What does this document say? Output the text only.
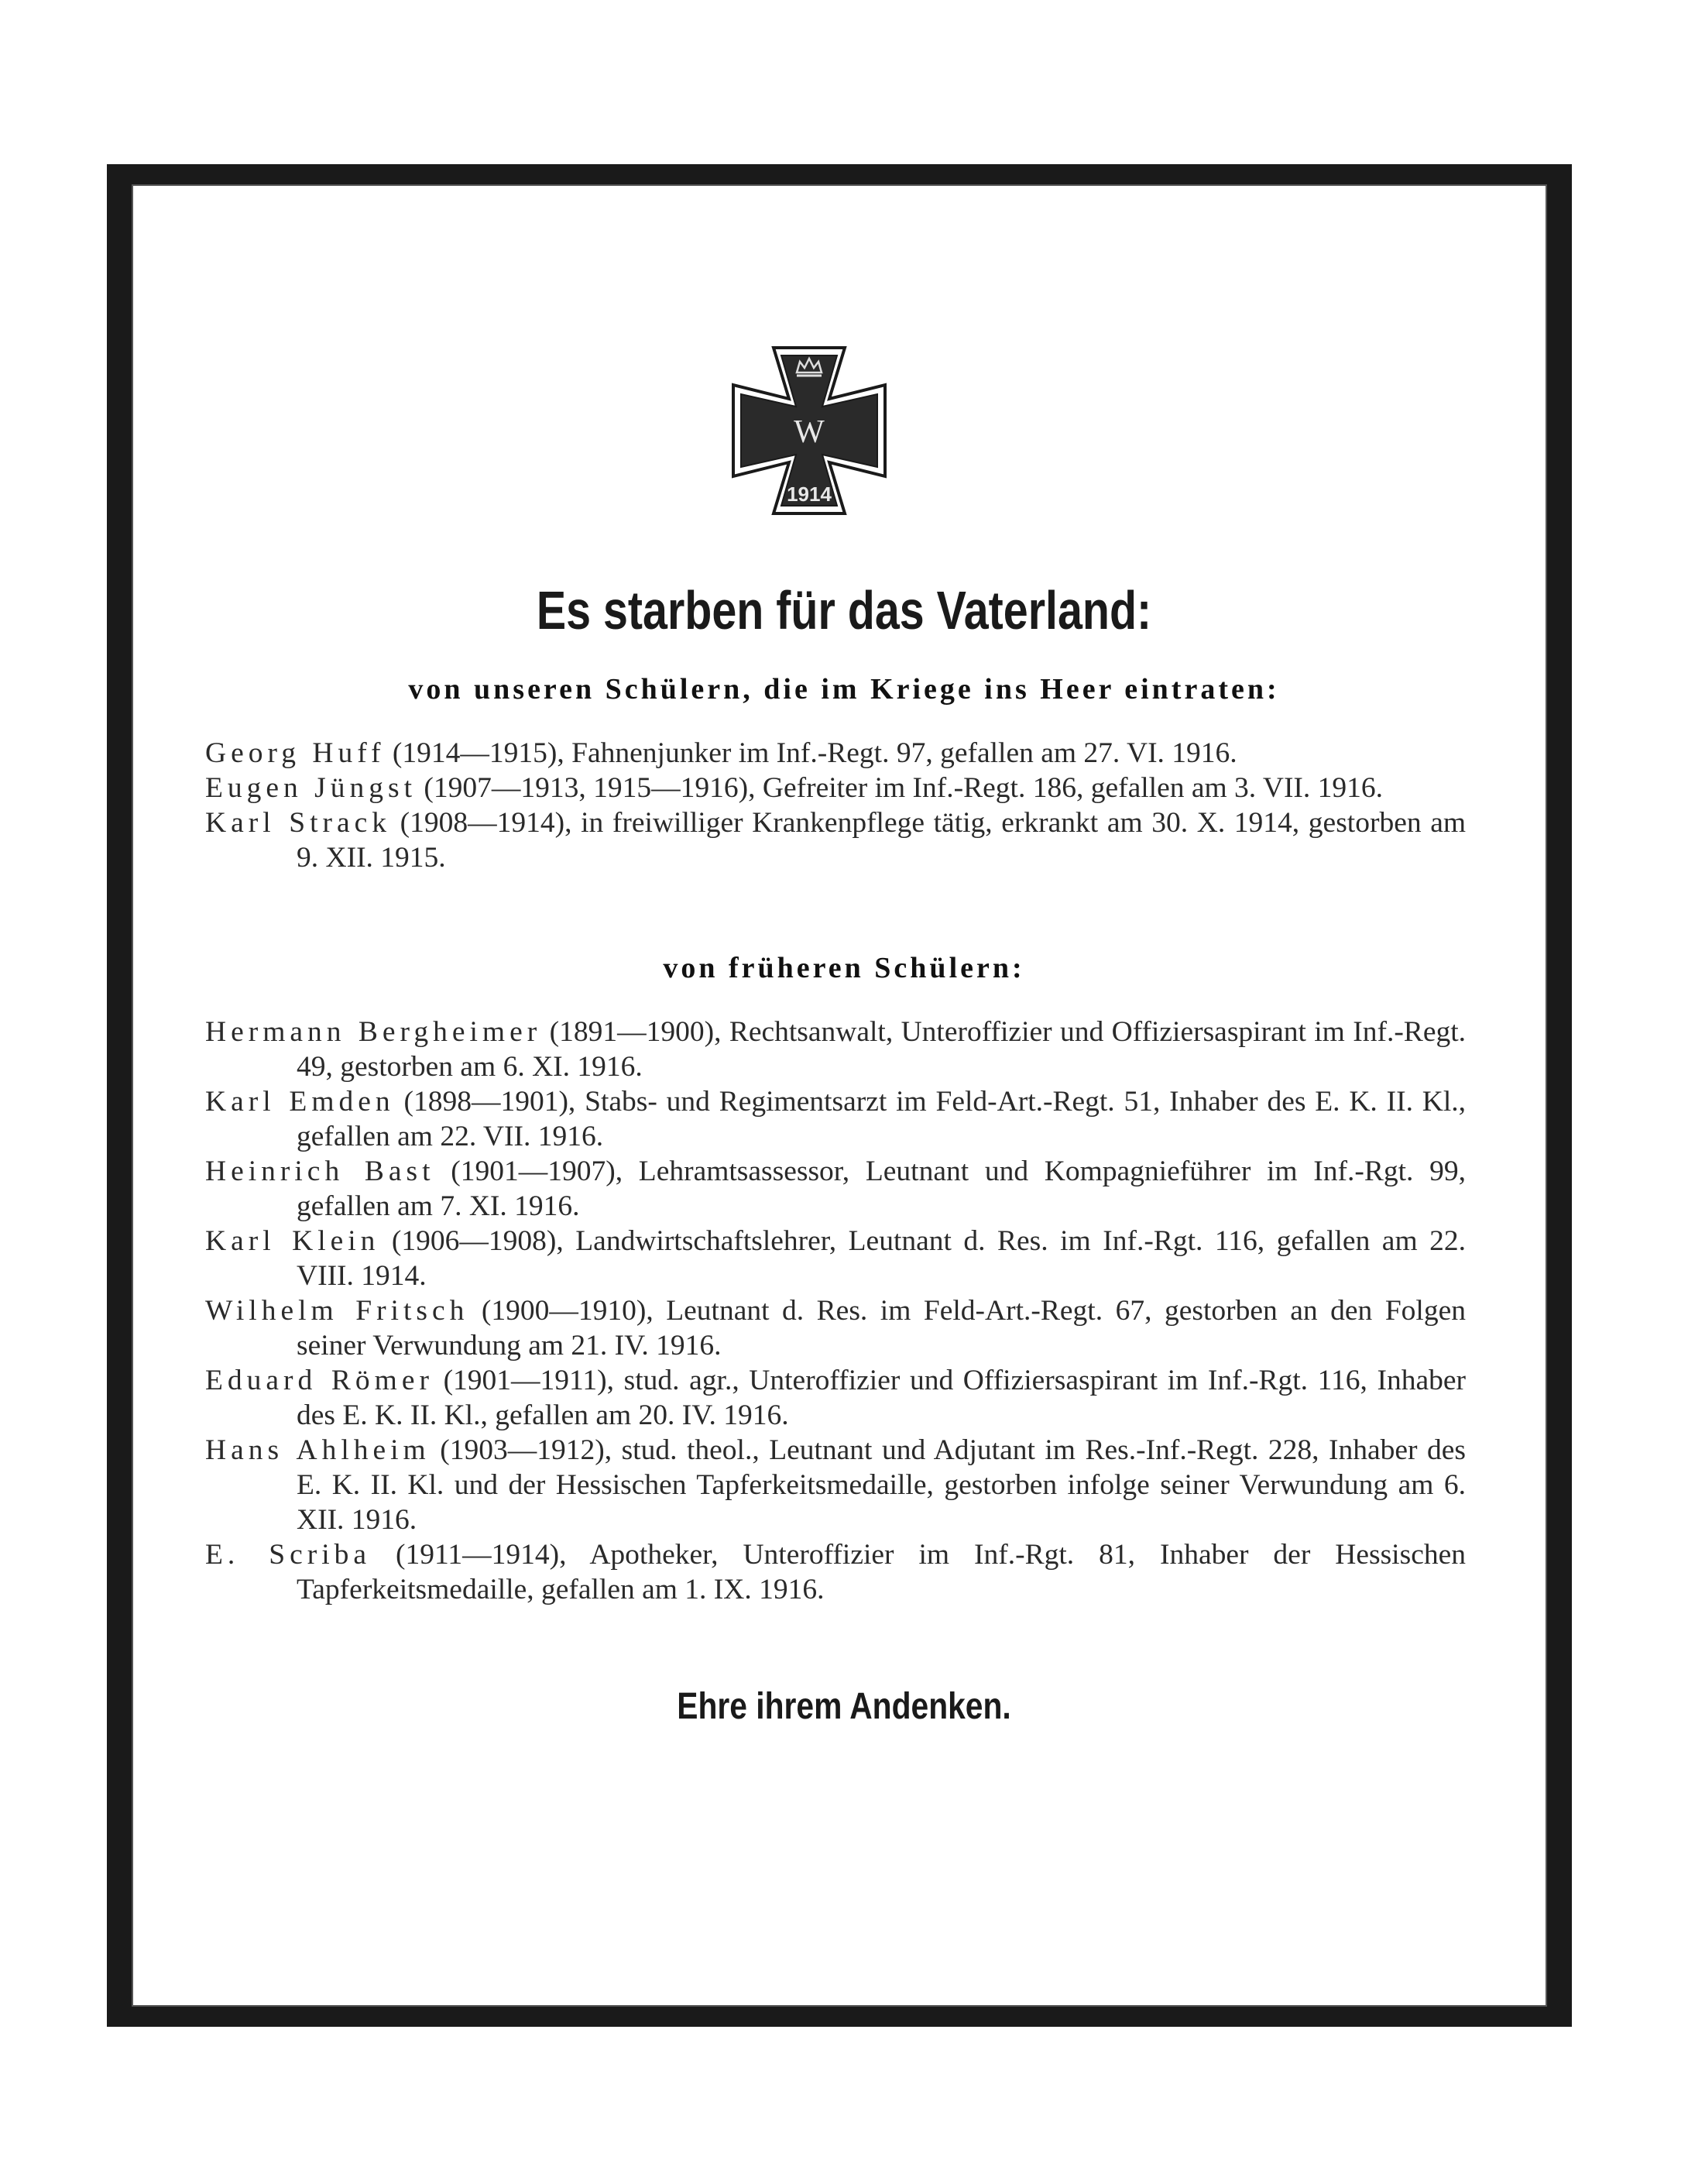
W
1914
Es starben für das Vaterland:
von unseren Schülern, die im Kriege ins Heer eintraten:

Georg Huff (1914—1915), Fahnenjunker im Inf.-Regt. 97, gefallen am 27. VI. 1916.

Eugen Jüngst (1907—1913, 1915—1916), Gefreiter im Inf.-Regt. 186, gefallen am 3. VII. 1916.

Karl Strack (1908—1914), in freiwilliger Krankenpflege tätig, erkrankt am 30. X. 1914, gestorben am 9. XII. 1915.

von früheren Schülern:

Hermann Bergheimer (1891—1900), Rechtsanwalt, Unteroffizier und Offiziersaspirant im Inf.-Regt. 49, gestorben am 6. XI. 1916.

Karl Emden (1898—1901), Stabs- und Regimentsarzt im Feld-Art.-Regt. 51, Inhaber des E. K. II. Kl., gefallen am 22. VII. 1916.

Heinrich Bast (1901—1907), Lehramtsassessor, Leutnant und Kompagnieführer im Inf.-Rgt. 99, gefallen am 7. XI. 1916.

Karl Klein (1906—1908), Landwirtschaftslehrer, Leutnant d. Res. im Inf.-Rgt. 116, gefallen am 22. VIII. 1914.

Wilhelm Fritsch (1900—1910), Leutnant d. Res. im Feld-Art.-Regt. 67, gestorben an den Folgen seiner Verwundung am 21. IV. 1916.

Eduard Römer (1901—1911), stud. agr., Unteroffizier und Offiziersaspirant im Inf.-Rgt. 116, Inhaber des E. K. II. Kl., gefallen am 20. IV. 1916.

Hans Ahlheim (1903—1912), stud. theol., Leutnant und Adjutant im Res.-Inf.-Regt. 228, Inhaber des E. K. II. Kl. und der Hessischen Tapferkeitsmedaille, gestorben infolge seiner Verwundung am 6. XII. 1916.

E. Scriba (1911—1914), Apotheker, Unteroffizier im Inf.-Rgt. 81, Inhaber der Hessischen Tapferkeitsmedaille, gefallen am 1. IX. 1916.

Ehre ihrem Andenken.
